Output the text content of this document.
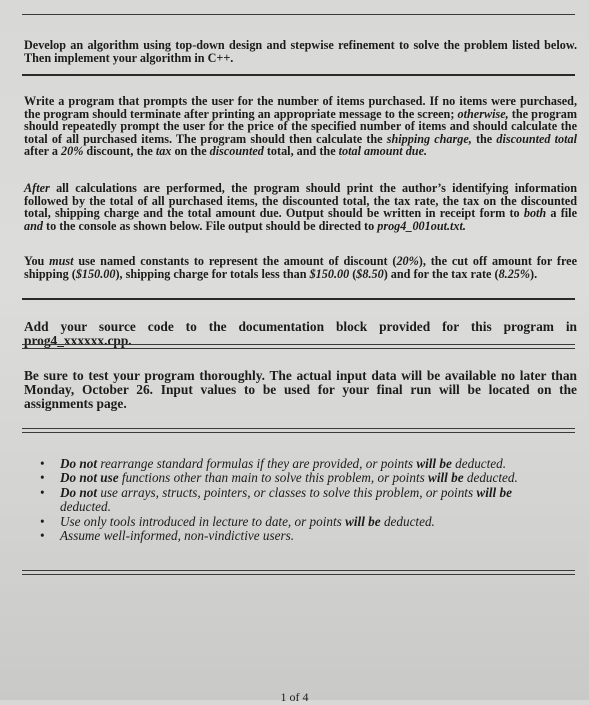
Develop an algorithm using top-down design and stepwise refinement to solve the problem listed below. Then implement your algorithm in C++.

Write a program that prompts the user for the number of items purchased. If no items were purchased, the program should terminate after printing an appropriate message to the screen; otherwise, the program should repeatedly prompt the user for the price of the specified number of items and should calculate the total of all purchased items. The program should then calculate the shipping charge, the discounted total after a 20% discount, the tax on the discounted total, and the total amount due.

After all calculations are performed, the program should print the author’s identifying information followed by the total of all purchased items, the discounted total, the tax rate, the tax on the discounted total, shipping charge and the total amount due. Output should be written in receipt form to both a file and to the console as shown below. File output should be directed to prog4_001out.txt.

You must use named constants to represent the amount of discount (20%), the cut off amount for free shipping ($150.00), shipping charge for totals less than $150.00 ($8.50) and for the tax rate (8.25%).

Add your source code to the documentation block provided for this program in prog4_xxxxxx.cpp.

Be sure to test your program thoroughly. The actual input data will be available no later than Monday, October 26. Input values to be used for your final run will be located on the assignments page.

• Do not rearrange standard formulas if they are provided, or points will be deducted.
• Do not use functions other than main to solve this problem, or points will be deducted.
• Do not use arrays, structs, pointers, or classes to solve this problem, or points will be deducted.
• Use only tools introduced in lecture to date, or points will be deducted.
• Assume well-informed, non-vindictive users.
1 of 4
